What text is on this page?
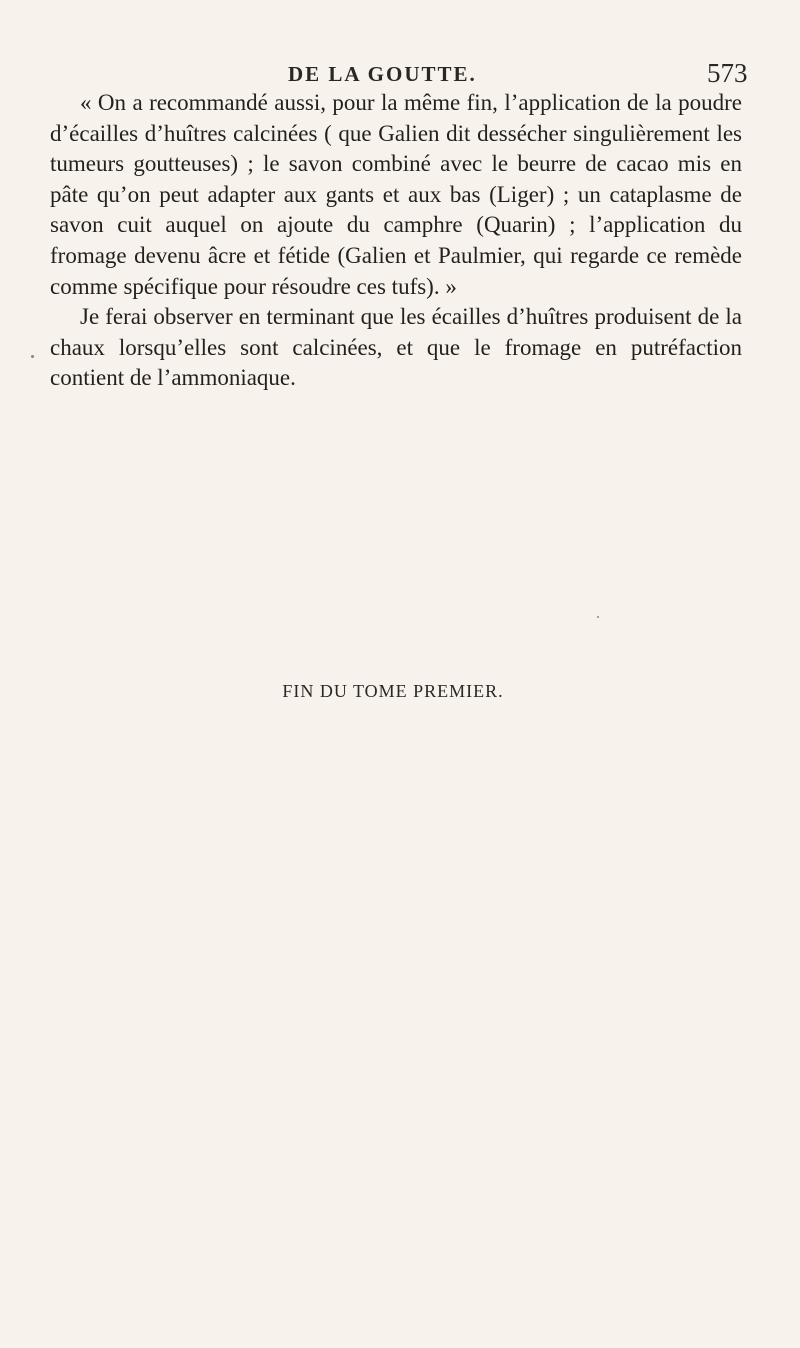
DE LA GOUTTE.	573

« On a recommandé aussi, pour la même fin, l’application de la poudre d’écailles d’huîtres calcinées ( que Galien dit dessécher singulièrement les tumeurs goutteuses) ; le savon combiné avec le beurre de cacao mis en pâte qu’on peut adapter aux gants et aux bas (Liger) ; un cataplasme de savon cuit auquel on ajoute du camphre (Quarin) ; l’application du fromage devenu âcre et fétide (Galien et Paulmier, qui regarde ce remède comme spécifique pour résoudre ces tufs). »

Je ferai observer en terminant que les écailles d’huîtres produisent de la chaux lorsqu’elles sont calcinées, et que le fromage en putréfaction contient de l’ammoniaque.

FIN DU TOME PREMIER.
